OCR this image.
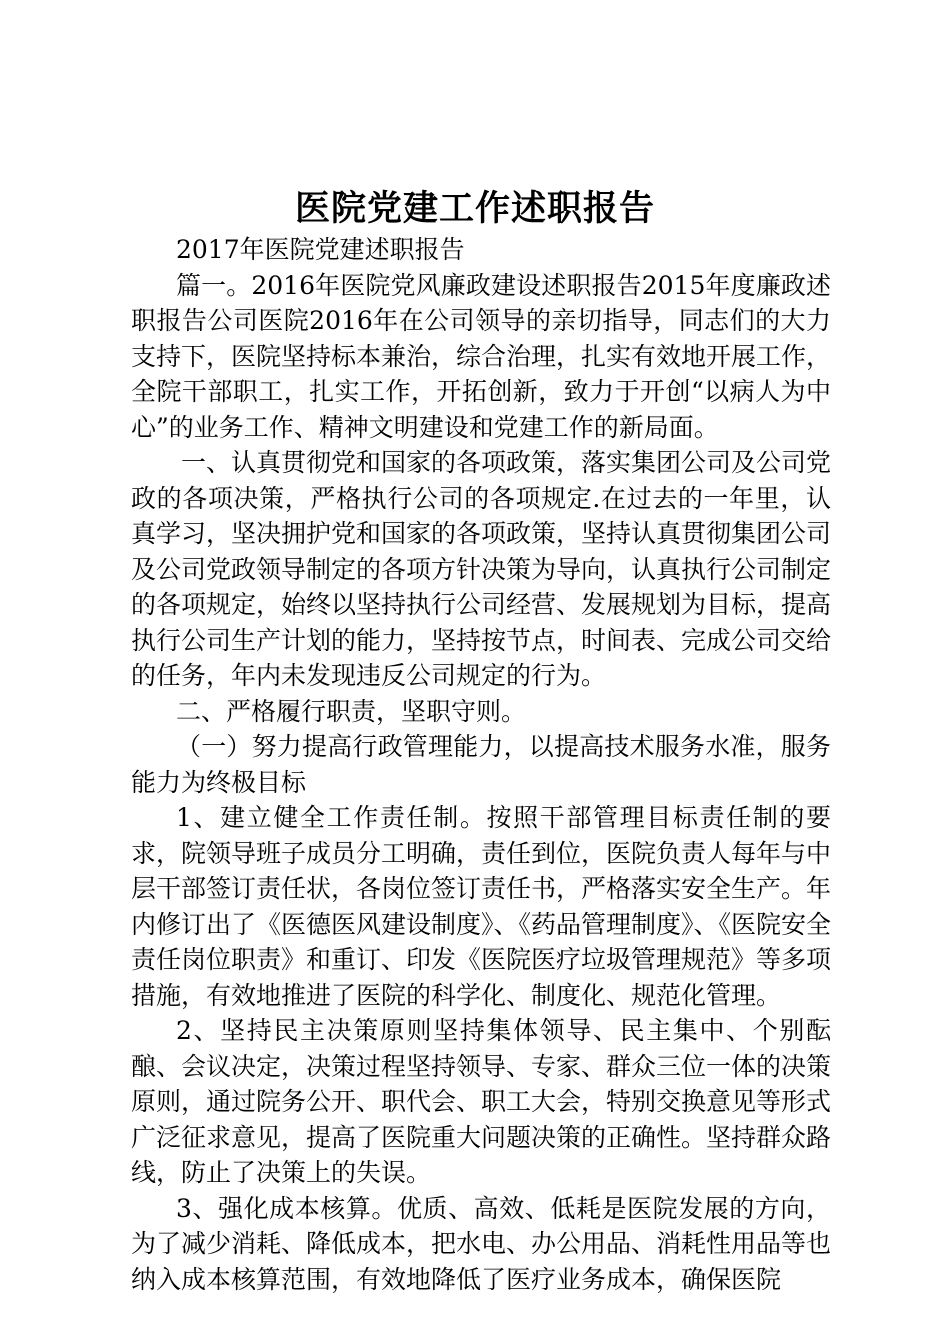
医院党建工作述职报告

2017年医院党建述职报告

篇一。2016年医院党风廉政建设述职报告2015年度廉政述职报告公司医院2016年在公司领导的亲切指导，同志们的大力支持下，医院坚持标本兼治，综合治理，扎实有效地开展工作，全院干部职工，扎实工作，开拓创新，致力于开创“以病人为中心”的业务工作、精神文明建设和党建工作的新局面。

一、认真贯彻党和国家的各项政策，落实集团公司及公司党政的各项决策，严格执行公司的各项规定.在过去的一年里，认真学习，坚决拥护党和国家的各项政策，坚持认真贯彻集团公司及公司党政领导制定的各项方针决策为导向，认真执行公司制定的各项规定，始终以坚持执行公司经营、发展规划为目标，提高执行公司生产计划的能力，坚持按节点，时间表、完成公司交给的任务，年内未发现违反公司规定的行为。

二、严格履行职责，坚职守则。

（一）努力提高行政管理能力，以提高技术服务水准，服务能力为终极目标

1、建立健全工作责任制。按照干部管理目标责任制的要求，院领导班子成员分工明确，责任到位，医院负责人每年与中层干部签订责任状，各岗位签订责任书，严格落实安全生产。年内修订出了《医德医风建设制度》、《药品管理制度》、《医院安全责任岗位职责》和重订、印发《医院医疗垃圾管理规范》等多项措施，有效地推进了医院的科学化、制度化、规范化管理。

2、坚持民主决策原则坚持集体领导、民主集中、个别酝酿、会议决定，决策过程坚持领导、专家、群众三位一体的决策原则，通过院务公开、职代会、职工大会，特别交换意见等形式广泛征求意见，提高了医院重大问题决策的正确性。坚持群众路线，防止了决策上的失误。

3、强化成本核算。优质、高效、低耗是医院发展的方向，为了减少消耗、降低成本，把水电、办公用品、消耗性用品等也纳入成本核算范围，有效地降低了医疗业务成本，确保医院
